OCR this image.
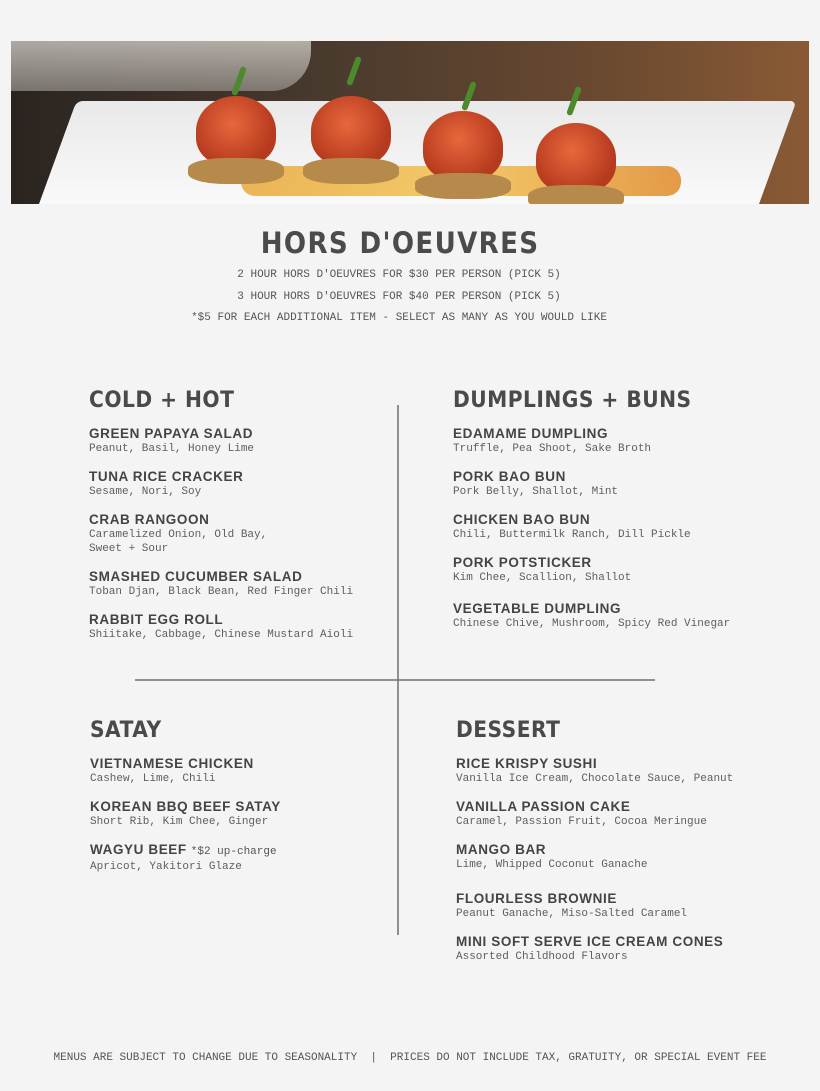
HORS D'OEUVRES
2 HOUR HORS D'OEUVRES FOR $30 PER PERSON (PICK 5)
3 HOUR HORS D'OEUVRES FOR $40 PER PERSON (PICK 5)
*$5 FOR EACH ADDITIONAL ITEM - SELECT AS MANY AS YOU WOULD LIKE
COLD + HOT
GREEN PAPAYA SALAD
Peanut, Basil, Honey Lime
TUNA RICE CRACKER
Sesame, Nori, Soy
CRAB RANGOON
Caramelized Onion, Old Bay,
Sweet + Sour
SMASHED CUCUMBER SALAD
Toban Djan, Black Bean, Red Finger Chili
RABBIT EGG ROLL
Shiitake, Cabbage, Chinese Mustard Aioli
DUMPLINGS + BUNS
EDAMAME DUMPLING
Truffle, Pea Shoot, Sake Broth
PORK BAO BUN
Pork Belly, Shallot, Mint
CHICKEN BAO BUN
Chili, Buttermilk Ranch, Dill Pickle
PORK POTSTICKER
Kim Chee, Scallion, Shallot
VEGETABLE DUMPLING
Chinese Chive, Mushroom, Spicy Red Vinegar
SATAY
VIETNAMESE CHICKEN
Cashew, Lime, Chili
KOREAN BBQ BEEF SATAY
Short Rib, Kim Chee, Ginger
WAGYU BEEF *$2 up-charge
Apricot, Yakitori Glaze
DESSERT
RICE KRISPY SUSHI
Vanilla Ice Cream, Chocolate Sauce, Peanut
VANILLA PASSION CAKE
Caramel, Passion Fruit, Cocoa Meringue
MANGO BAR
Lime, Whipped Coconut Ganache
FLOURLESS BROWNIE
Peanut Ganache, Miso-Salted Caramel
MINI SOFT SERVE ICE CREAM CONES
Assorted Childhood Flavors
MENUS ARE SUBJECT TO CHANGE DUE TO SEASONALITY  |  PRICES DO NOT INCLUDE TAX, GRATUITY, OR SPECIAL EVENT FEE
